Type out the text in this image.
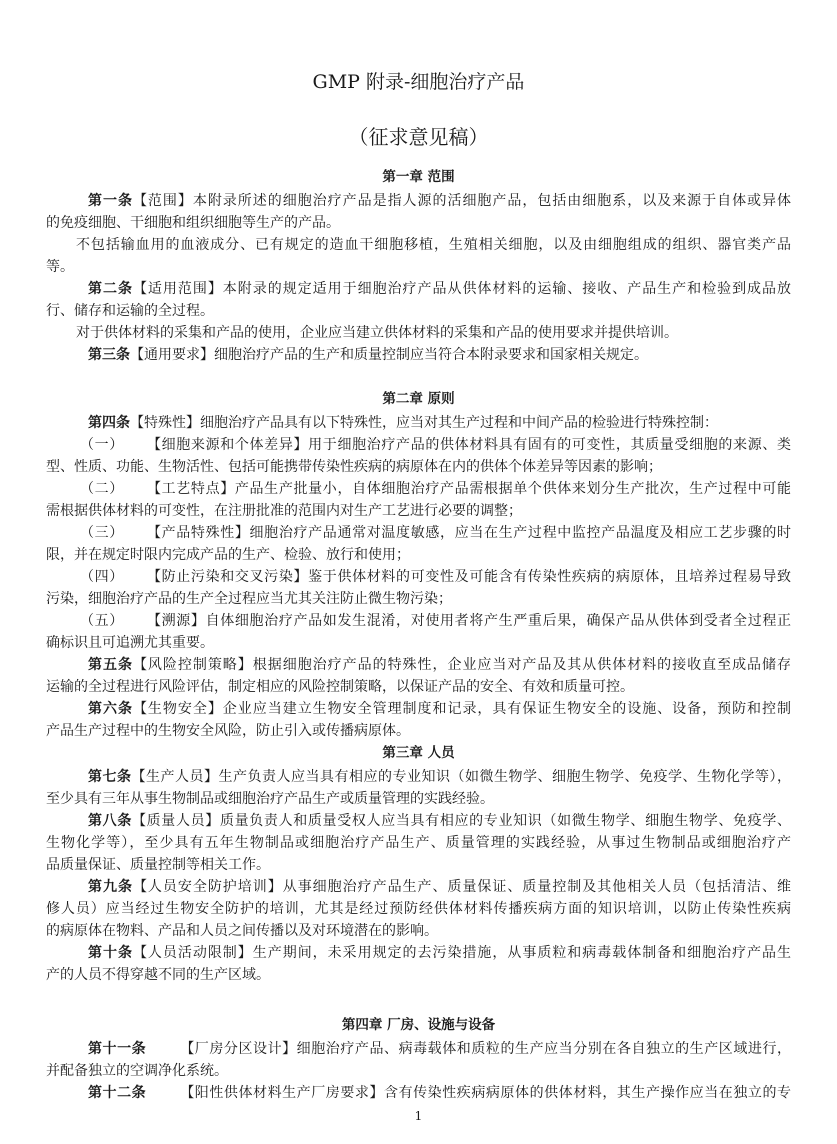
GMP 附录-细胞治疗产品
（征求意见稿）
第一章 范围
第一条【范围】本附录所述的细胞治疗产品是指人源的活细胞产品，包括由细胞系，以及来源于自体或异体
的免疫细胞、干细胞和组织细胞等生产的产品。
不包括输血用的血液成分、已有规定的造血干细胞移植，生殖相关细胞，以及由细胞组成的组织、器官类产品
等。
第二条【适用范围】本附录的规定适用于细胞治疗产品从供体材料的运输、接收、产品生产和检验到成品放
行、储存和运输的全过程。
对于供体材料的采集和产品的使用，企业应当建立供体材料的采集和产品的使用要求并提供培训。
第三条【通用要求】细胞治疗产品的生产和质量控制应当符合本附录要求和国家相关规定。
第二章 原则
第四条【特殊性】细胞治疗产品具有以下特殊性，应当对其生产过程和中间产品的检验进行特殊控制：
（一） 【细胞来源和个体差异】用于细胞治疗产品的供体材料具有固有的可变性，其质量受细胞的来源、类
型、性质、功能、生物活性、包括可能携带传染性疾病的病原体在内的供体个体差异等因素的影响；
（二） 【工艺特点】产品生产批量小，自体细胞治疗产品需根据单个供体来划分生产批次，生产过程中可能
需根据供体材料的可变性，在注册批准的范围内对生产工艺进行必要的调整；
（三） 【产品特殊性】细胞治疗产品通常对温度敏感，应当在生产过程中监控产品温度及相应工艺步骤的时
限，并在规定时限内完成产品的生产、检验、放行和使用；
（四） 【防止污染和交叉污染】鉴于供体材料的可变性及可能含有传染性疾病的病原体，且培养过程易导致
污染，细胞治疗产品的生产全过程应当尤其关注防止微生物污染；
（五） 【溯源】自体细胞治疗产品如发生混淆，对使用者将产生严重后果，确保产品从供体到受者全过程正
确标识且可追溯尤其重要。
第五条【风险控制策略】根据细胞治疗产品的特殊性，企业应当对产品及其从供体材料的接收直至成品储存
运输的全过程进行风险评估，制定相应的风险控制策略，以保证产品的安全、有效和质量可控。
第六条【生物安全】企业应当建立生物安全管理制度和记录，具有保证生物安全的设施、设备，预防和控制
产品生产过程中的生物安全风险，防止引入或传播病原体。
第三章 人员
第七条【生产人员】生产负责人应当具有相应的专业知识（如微生物学、细胞生物学、免疫学、生物化学等），
至少具有三年从事生物制品或细胞治疗产品生产或质量管理的实践经验。
第八条【质量人员】质量负责人和质量受权人应当具有相应的专业知识（如微生物学、细胞生物学、免疫学、
生物化学等），至少具有五年生物制品或细胞治疗产品生产、质量管理的实践经验，从事过生物制品或细胞治疗产
品质量保证、质量控制等相关工作。
第九条【人员安全防护培训】从事细胞治疗产品生产、质量保证、质量控制及其他相关人员（包括清洁、维
修人员）应当经过生物安全防护的培训，尤其是经过预防经供体材料传播疾病方面的知识培训，以防止传染性疾病
的病原体在物料、产品和人员之间传播以及对环境潜在的影响。
第十条【人员活动限制】生产期间，未采用规定的去污染措施，从事质粒和病毒载体制备和细胞治疗产品生
产的人员不得穿越不同的生产区域。
第四章 厂房、设施与设备
第十一条 【厂房分区设计】细胞治疗产品、病毒载体和质粒的生产应当分别在各自独立的生产区域进行，
并配备独立的空调净化系统。
第十二条 【阳性供体材料生产厂房要求】含有传染性疾病病原体的供体材料，其生产操作应当在独立的专
1
